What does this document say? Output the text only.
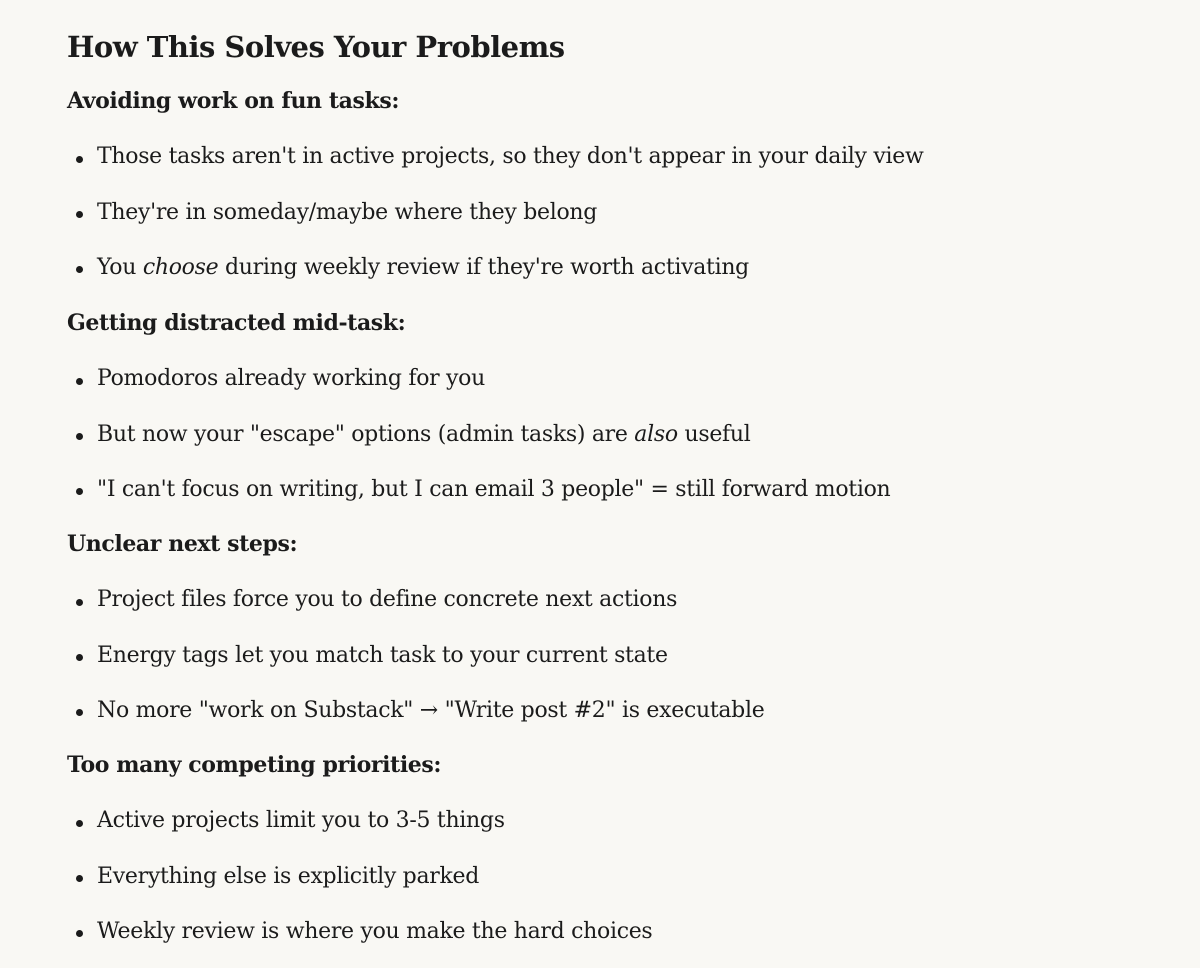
How This Solves Your Problems
Avoiding work on fun tasks:
Those tasks aren't in active projects, so they don't appear in your daily view
They're in someday/maybe where they belong
You choose during weekly review if they're worth activating
Getting distracted mid-task:
Pomodoros already working for you
But now your "escape" options (admin tasks) are also useful
"I can't focus on writing, but I can email 3 people" = still forward motion
Unclear next steps:
Project files force you to define concrete next actions
Energy tags let you match task to your current state
No more "work on Substack" → "Write post #2" is executable
Too many competing priorities:
Active projects limit you to 3-5 things
Everything else is explicitly parked
Weekly review is where you make the hard choices
